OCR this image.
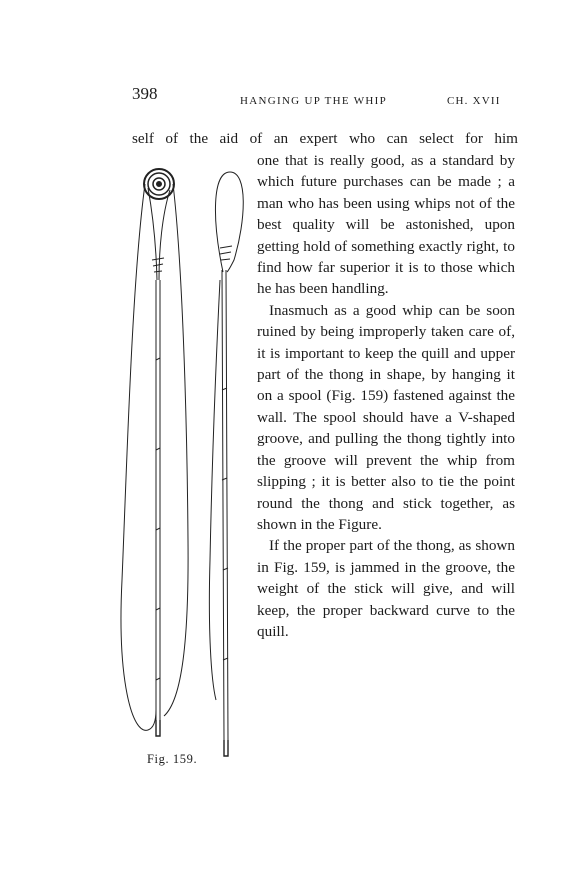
398	HANGING UP THE WHIP	CH. XVII
self of the aid of an expert who can select for him
Fig. 159.

one that is really good, as a standard by which future purchases can be made ; a man who has been using whips not of the best quality will be astonished, upon getting hold of something exactly right, to find how far superior it is to those which he has been handling.

Inasmuch as a good whip can be soon ruined by being improperly taken care of, it is important to keep the quill and upper part of the thong in shape, by hanging it on a spool (Fig. 159) fastened against the wall. The spool should have a V-shaped groove, and pulling the thong tightly into the groove will prevent the whip from slipping ; it is better also to tie the point round the thong and stick together, as shown in the Figure.

If the proper part of the thong, as shown in Fig. 159, is jammed in the groove, the weight of the stick will give, and will keep, the proper backward curve to the quill.
